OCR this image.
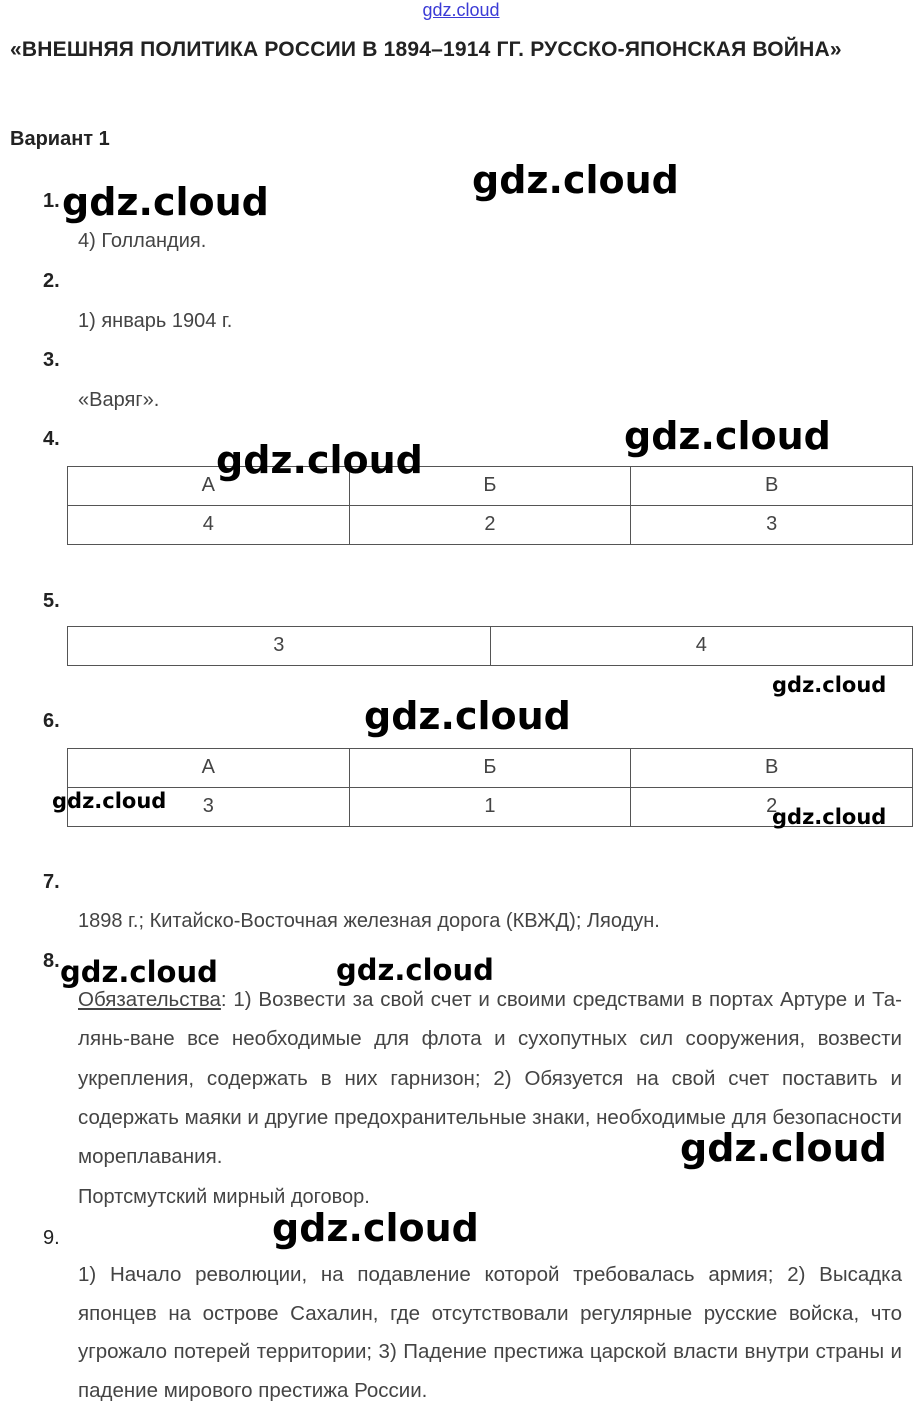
gdz.cloud
«ВНЕШНЯЯ ПОЛИТИКА РОССИИ В 1894–1914 ГГ. РУССКО-ЯПОНСКАЯ ВОЙНА»
Вариант 1
1.
4) Голландия.
2.
1) январь 1904 г.
3.
«Варяг».
4.
А	Б	В
4	2	3
5.
3	4
6.
А	Б	В
3	1	2
7.
1898 г.; Китайско-Восточная железная дорога (КВЖД); Ляодун.
8.
Обязательства: 1) Возвести за свой счет и своими средствами в портах Артуре и Та-лянь-ване все необходимые для флота и сухопутных сил сооружения, возвести укрепления, содержать в них гарнизон; 2) Обязуется на свой счет поставить и содержать маяки и другие предохранительные знаки, необходимые для безопасности мореплавания.
Портсмутский мирный договор.
9.
1) Начало революции, на подавление которой требовалась армия; 2) Высадка японцев на острове Сахалин, где отсутствовали регулярные русские войска, что угрожало потерей территории; 3) Падение престижа царской власти внутри страны и падение мирового престижа России.
gdz.cloud	gdz.cloud
gdz.cloud
gdz.cloud
gdz.cloud
gdz.cloud
gdz.cloud
gdz.cloud
gdz.cloud	gdz.cloud
gdz.cloud
gdz.cloud
